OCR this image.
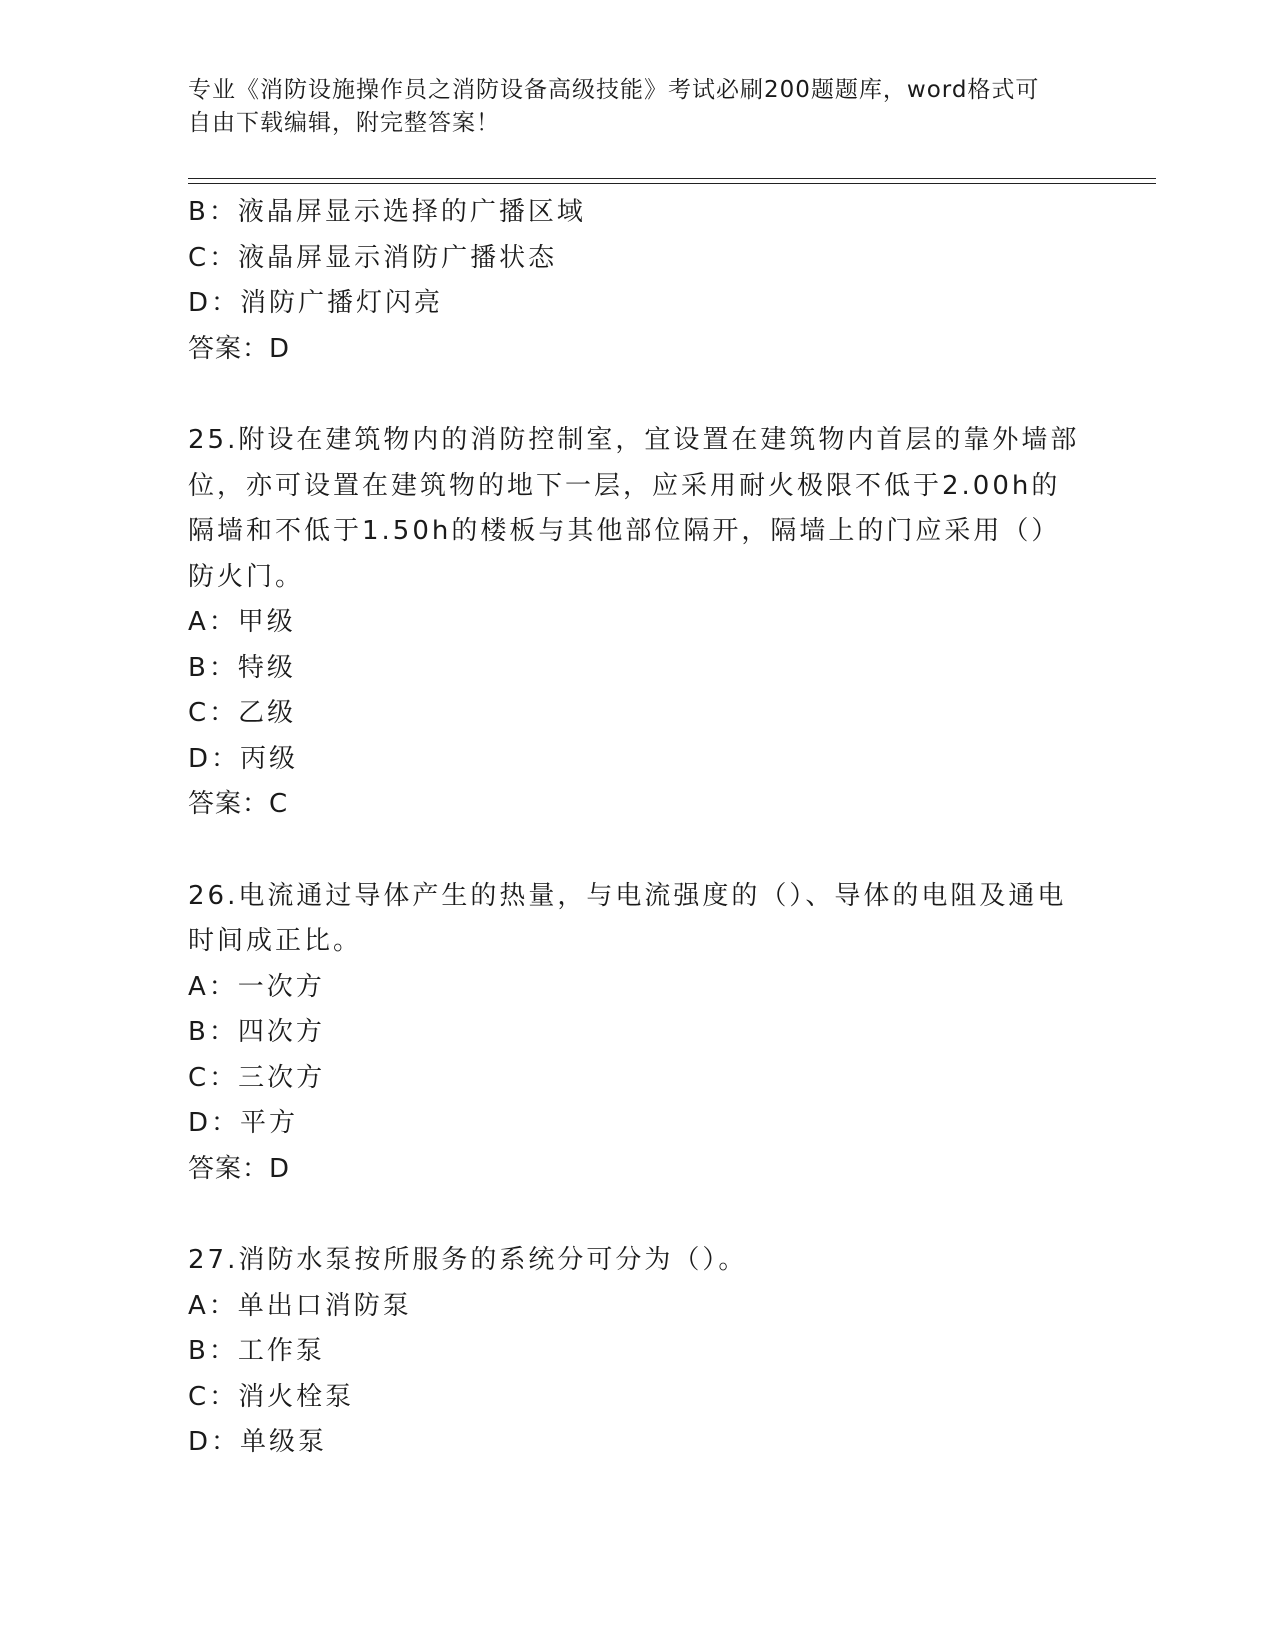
专业《消防设施操作员之消防设备高级技能》考试必刷200题题库，word格式可
自由下载编辑，附完整答案！
B：液晶屏显示选择的广播区域
C：液晶屏显示消防广播状态
D：消防广播灯闪亮
答案：D
25.附设在建筑物内的消防控制室，宜设置在建筑物内首层的靠外墙部
位，亦可设置在建筑物的地下一层，应采用耐火极限不低于2.00h的
隔墙和不低于1.50h的楼板与其他部位隔开，隔墙上的门应采用（）
防火门。
A：甲级
B：特级
C：乙级
D：丙级
答案：C
26.电流通过导体产生的热量，与电流强度的（）、导体的电阻及通电
时间成正比。
A：一次方
B：四次方
C：三次方
D：平方
答案：D
27.消防水泵按所服务的系统分可分为（）。
A：单出口消防泵
B：工作泵
C：消火栓泵
D：单级泵
